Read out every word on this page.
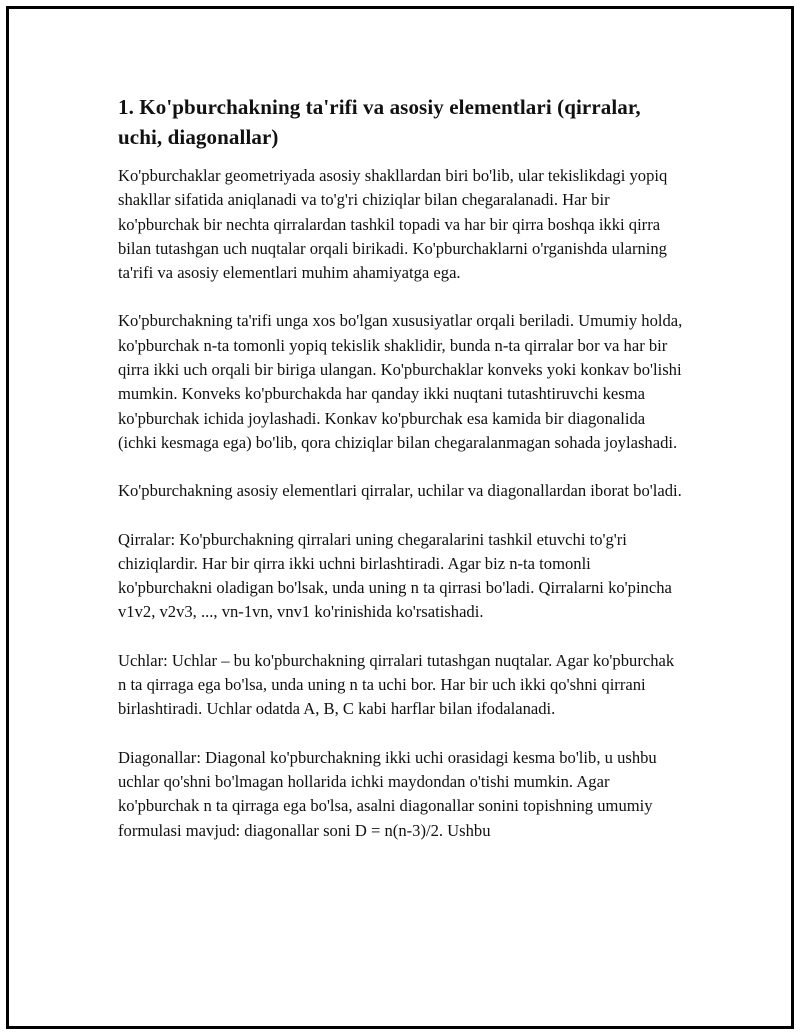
1. Ko'pburchakning ta'rifi va asosiy elementlari (qirralar, uchi, diagonallar)

Ko'pburchaklar geometriyada asosiy shakllardan biri bo'lib, ular tekislikdagi yopiq shakllar sifatida aniqlanadi va to'g'ri chiziqlar bilan chegaralanadi. Har bir ko'pburchak bir nechta qirralardan tashkil topadi va har bir qirra boshqa ikki qirra bilan tutashgan uch nuqtalar orqali birikadi. Ko'pburchaklarni o'rganishda ularning ta'rifi va asosiy elementlari muhim ahamiyatga ega.

Ko'pburchakning ta'rifi unga xos bo'lgan xususiyatlar orqali beriladi. Umumiy holda, ko'pburchak n-ta tomonli yopiq tekislik shaklidir, bunda n-ta qirralar bor va har bir qirra ikki uch orqali bir biriga ulangan. Ko'pburchaklar konveks yoki konkav bo'lishi mumkin. Konveks ko'pburchakda har qanday ikki nuqtani tutashtiruvchi kesma ko'pburchak ichida joylashadi. Konkav ko'pburchak esa kamida bir diagonalida (ichki kesmaga ega) bo'lib, qora chiziqlar bilan chegaralanmagan sohada joylashadi.

Ko'pburchakning asosiy elementlari qirralar, uchilar va diagonallardan iborat bo'ladi.

Qirralar: Ko'pburchakning qirralari uning chegaralarini tashkil etuvchi to'g'ri chiziqlardir. Har bir qirra ikki uchni birlashtiradi. Agar biz n-ta tomonli ko'pburchakni oladigan bo'lsak, unda uning n ta qirrasi bo'ladi. Qirralarni ko'pincha v1v2, v2v3, ..., vn-1vn, vnv1 ko'rinishida ko'rsatishadi.

Uchlar: Uchlar – bu ko'pburchakning qirralari tutashgan nuqtalar. Agar ko'pburchak n ta qirraga ega bo'lsa, unda uning n ta uchi bor. Har bir uch ikki qo'shni qirrani birlashtiradi. Uchlar odatda A, B, C kabi harflar bilan ifodalanadi.

Diagonallar: Diagonal ko'pburchakning ikki uchi orasidagi kesma bo'lib, u ushbu uchlar qo'shni bo'lmagan hollarida ichki maydondan o'tishi mumkin. Agar ko'pburchak n ta qirraga ega bo'lsa, asalni diagonallar sonini topishning umumiy formulasi mavjud: diagonallar soni D = n(n-3)/2. Ushbu
